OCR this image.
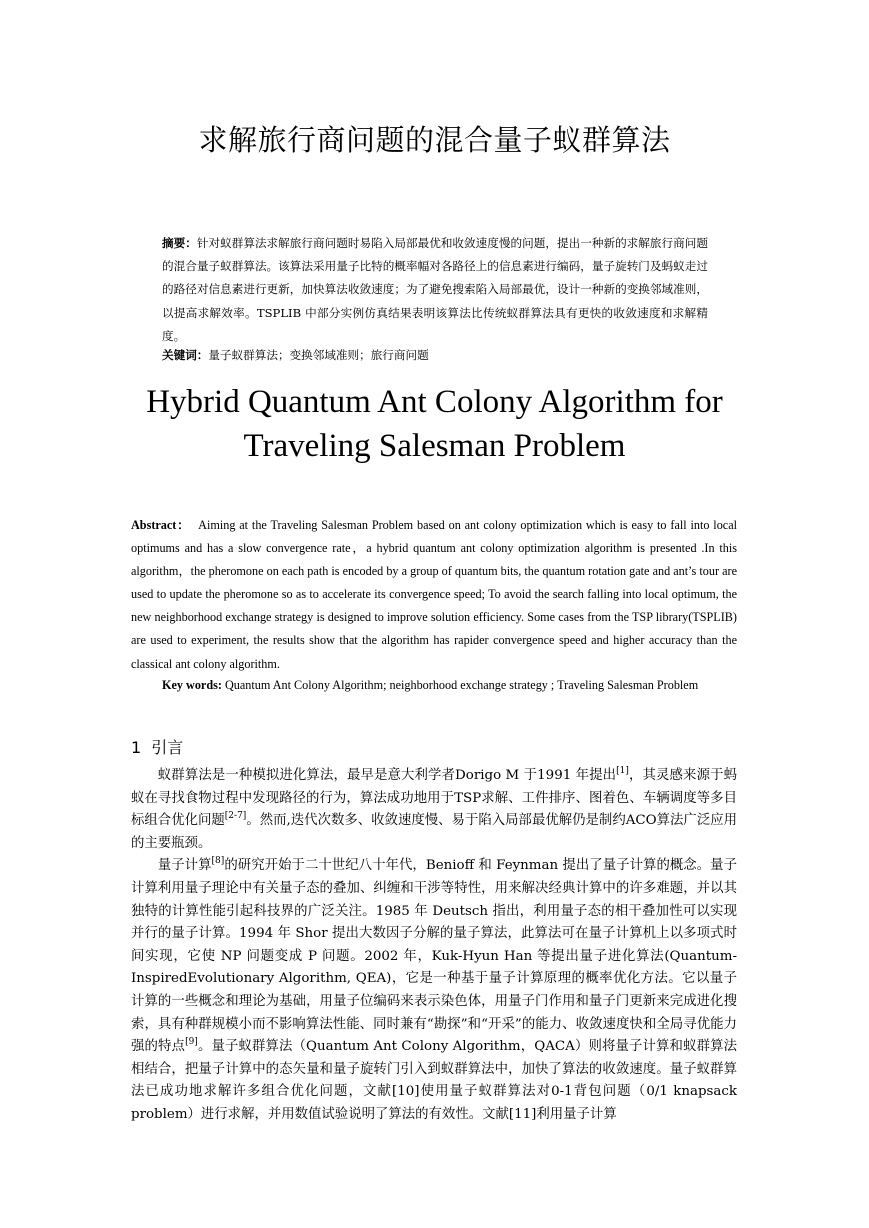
求解旅行商问题的混合量子蚁群算法
摘要：针对蚁群算法求解旅行商问题时易陷入局部最优和收敛速度慢的问题，提出一种新的求解旅行商问题的混合量子蚁群算法。该算法采用量子比特的概率幅对各路径上的信息素进行编码，量子旋转门及蚂蚁走过的路径对信息素进行更新，加快算法收敛速度；为了避免搜索陷入局部最优，设计一种新的变换邻域准则，以提高求解效率。TSPLIB 中部分实例仿真结果表明该算法比传统蚁群算法具有更快的收敛速度和求解精度。
关键词：量子蚁群算法；变换邻域准则；旅行商问题
Hybrid Quantum Ant Colony Algorithm for
Traveling Salesman Problem
Abstract： Aiming at the Traveling Salesman Problem based on ant colony optimization which is easy to fall into local optimums and has a slow convergence rate，a hybrid quantum ant colony optimization algorithm is presented .In this algorithm，the pheromone on each path is encoded by a group of quantum bits, the quantum rotation gate and ant’s tour are used to update the pheromone so as to accelerate its convergence speed; To avoid the search falling into local optimum, the new neighborhood exchange strategy is designed to improve solution efficiency. Some cases from the TSP library(TSPLIB) are used to experiment, the results show that the algorithm has rapider convergence speed and higher accuracy than the classical ant colony algorithm.
Key words: Quantum Ant Colony Algorithm; neighborhood exchange strategy ; Traveling Salesman Problem
1 引言

蚁群算法是一种模拟进化算法，最早是意大利学者Dorigo M 于1991 年提出[1]，其灵感来源于蚂蚁在寻找食物过程中发现路径的行为，算法成功地用于TSP求解、工件排序、图着色、车辆调度等多目标组合优化问题[2-7]。然而,迭代次数多、收敛速度慢、易于陷入局部最优解仍是制约ACO算法广泛应用的主要瓶颈。

量子计算[8]的研究开始于二十世纪八十年代，Benioff 和 Feynman 提出了量子计算的概念。量子计算利用量子理论中有关量子态的叠加、纠缠和干涉等特性，用来解决经典计算中的许多难题，并以其独特的计算性能引起科技界的广泛关注。1985 年 Deutsch 指出，利用量子态的相干叠加性可以实现并行的量子计算。1994 年 Shor 提出大数因子分解的量子算法，此算法可在量子计算机上以多项式时间实现，它使 NP 问题变成 P 问题。2002 年，Kuk-Hyun Han 等提出量子进化算法(Quantum-InspiredEvolutionary Algorithm, QEA)，它是一种基于量子计算原理的概率优化方法。它以量子计算的一些概念和理论为基础，用量子位编码来表示染色体，用量子门作用和量子门更新来完成进化搜索，具有种群规模小而不影响算法性能、同时兼有“勘探”和“开采”的能力、收敛速度快和全局寻优能力强的特点[9]。量子蚁群算法（Quantum Ant Colony Algorithm，QACA）则将量子计算和蚁群算法相结合，把量子计算中的态矢量和量子旋转门引入到蚁群算法中，加快了算法的收敛速度。量子蚁群算法已成功地求解许多组合优化问题，文献[10]使用量子蚁群算法对0-1背包问题（0/1 knapsack problem）进行求解，并用数值试验说明了算法的有效性。文献[11]利用量子计算
